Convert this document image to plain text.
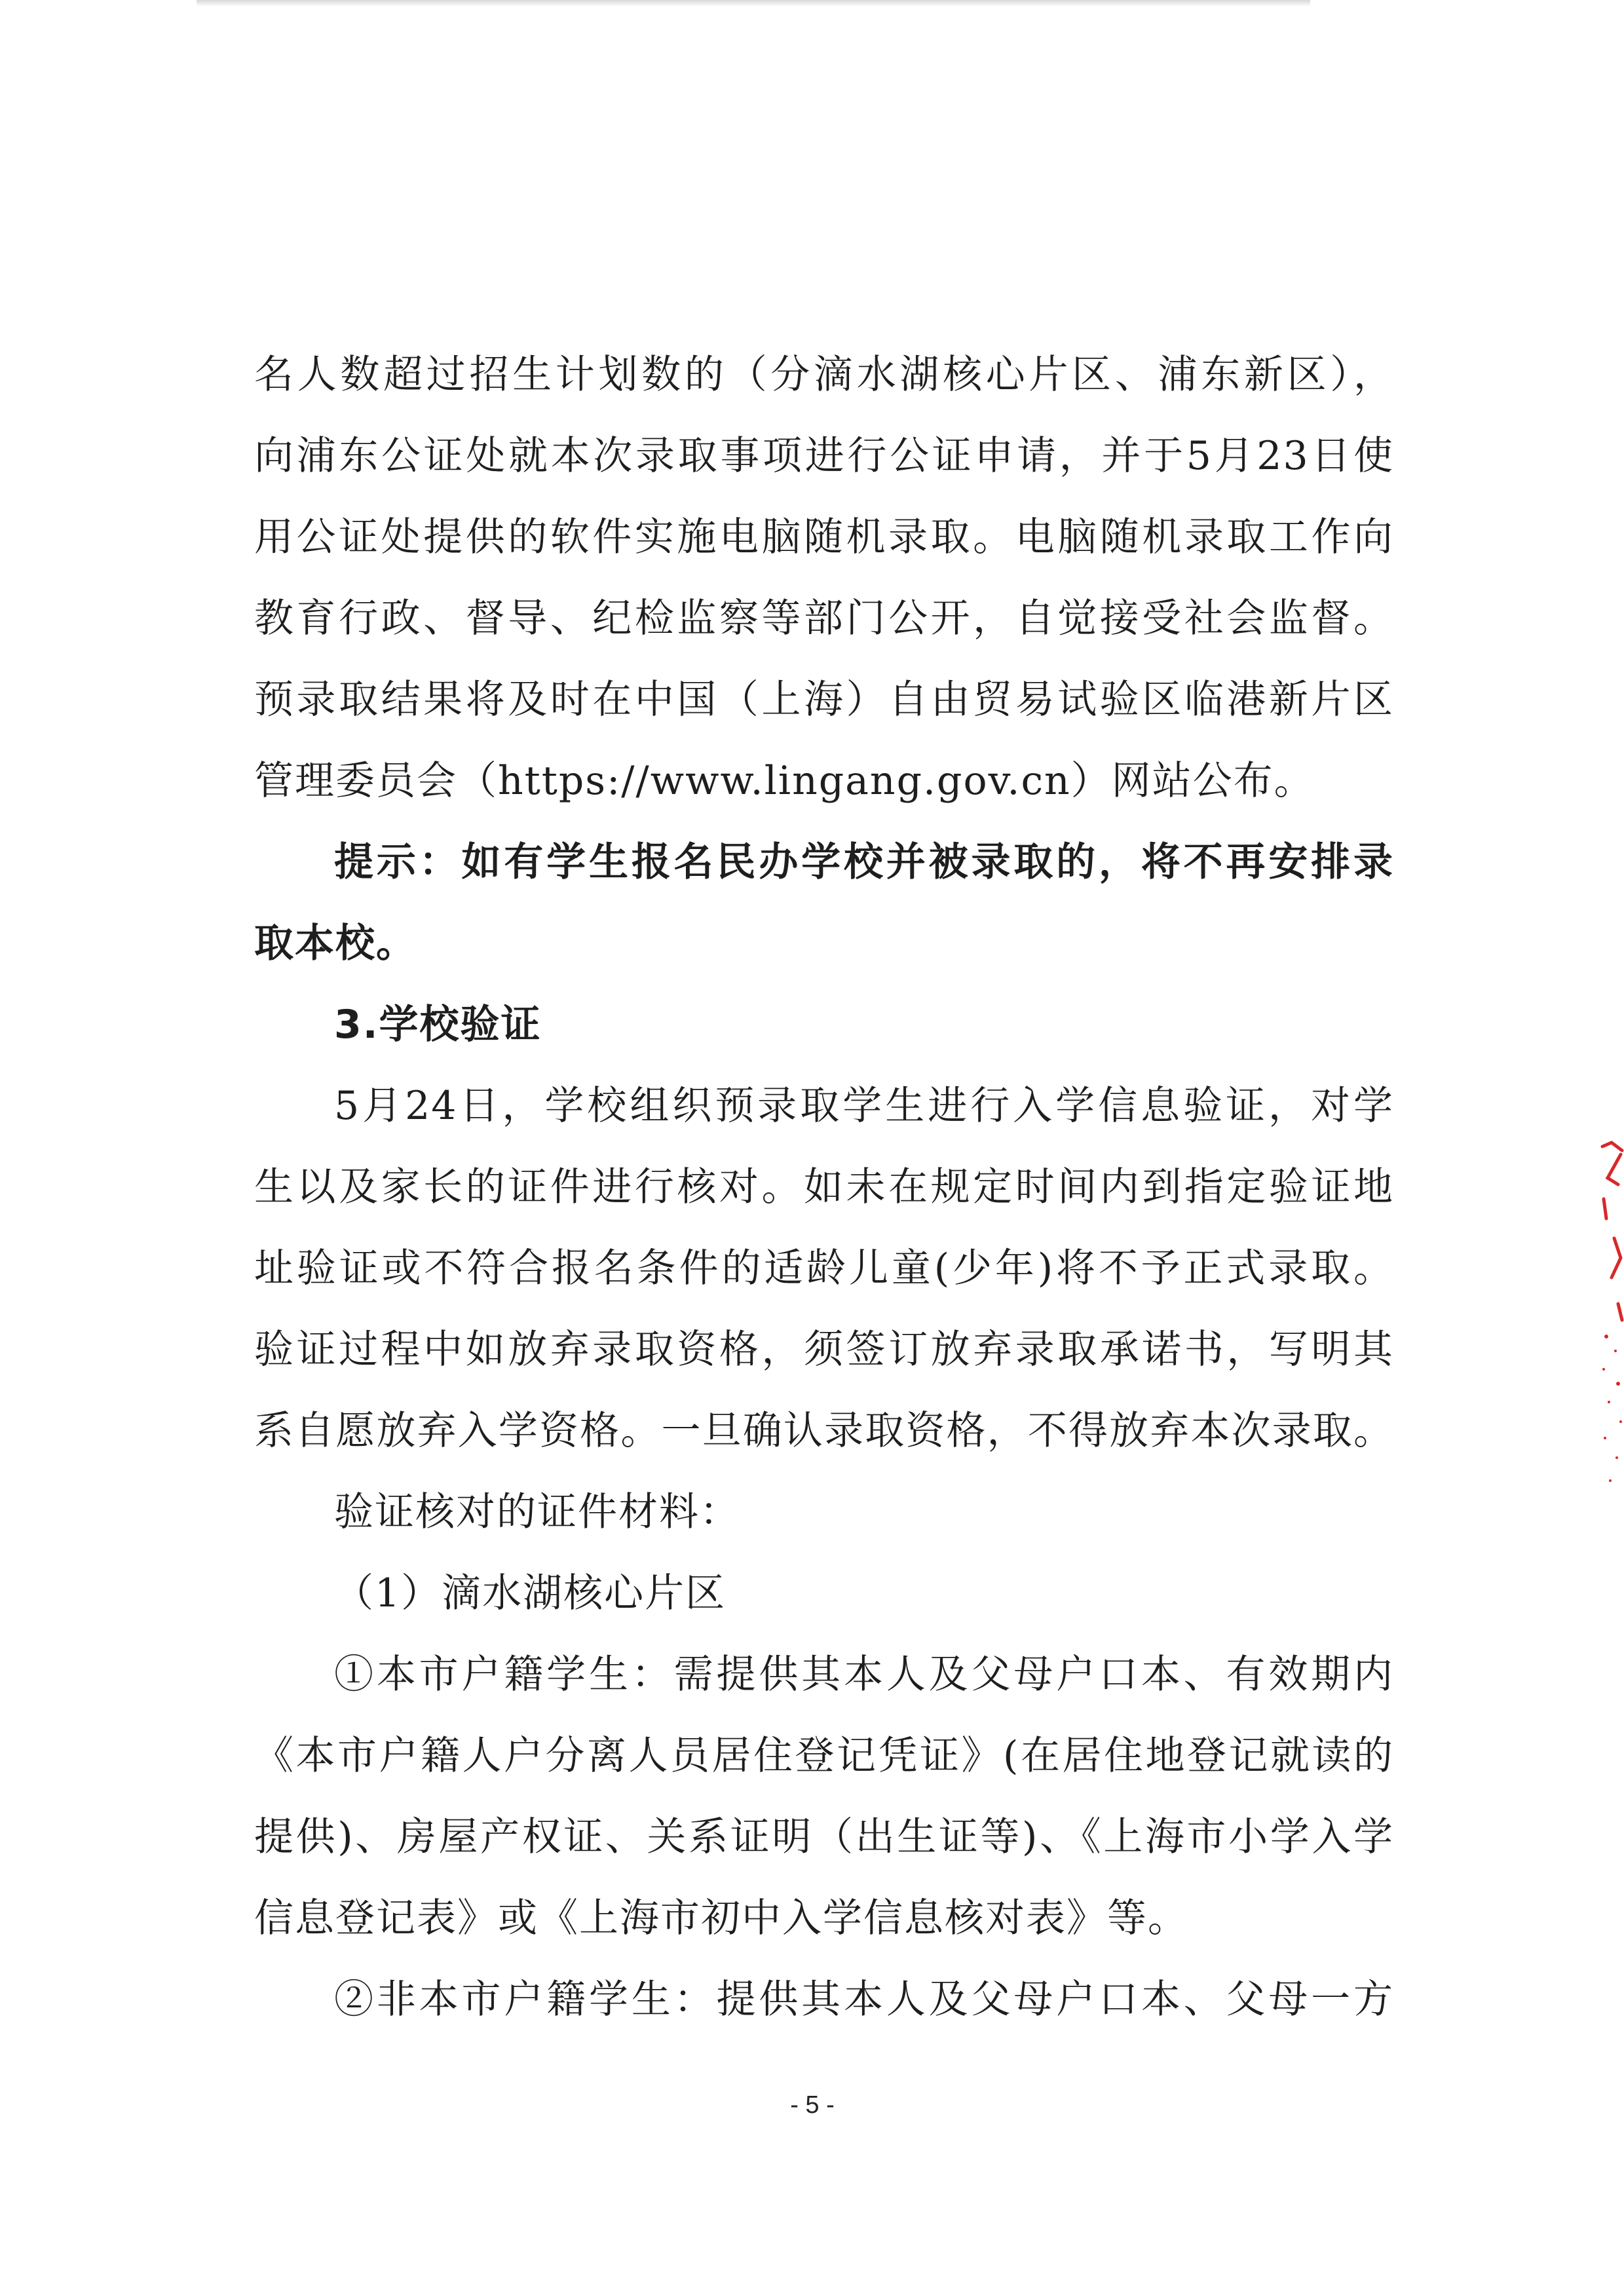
名人数超过招生计划数的（分滴水湖核心片区、浦东新区），
向浦东公证处就本次录取事项进行公证申请，并于5月23日使
用公证处提供的软件实施电脑随机录取。电脑随机录取工作向
教育行政、督导、纪检监察等部门公开，自觉接受社会监督。
预录取结果将及时在中国（上海）自由贸易试验区临港新片区
管理委员会（https://www.lingang.gov.cn）网站公布。
提示：如有学生报名民办学校并被录取的，将不再安排录
取本校。
3.学校验证
5月24日，学校组织预录取学生进行入学信息验证，对学
生以及家长的证件进行核对。如未在规定时间内到指定验证地
址验证或不符合报名条件的适龄儿童(少年)将不予正式录取。
验证过程中如放弃录取资格，须签订放弃录取承诺书，写明其
系自愿放弃入学资格。一旦确认录取资格，不得放弃本次录取。
验证核对的证件材料：
（1）滴水湖核心片区
①本市户籍学生：需提供其本人及父母户口本、有效期内
《本市户籍人户分离人员居住登记凭证》(在居住地登记就读的
提供)、房屋产权证、关系证明（出生证等)、《上海市小学入学
信息登记表》或《上海市初中入学信息核对表》等。
②非本市户籍学生：提供其本人及父母户口本、父母一方
- 5 -
